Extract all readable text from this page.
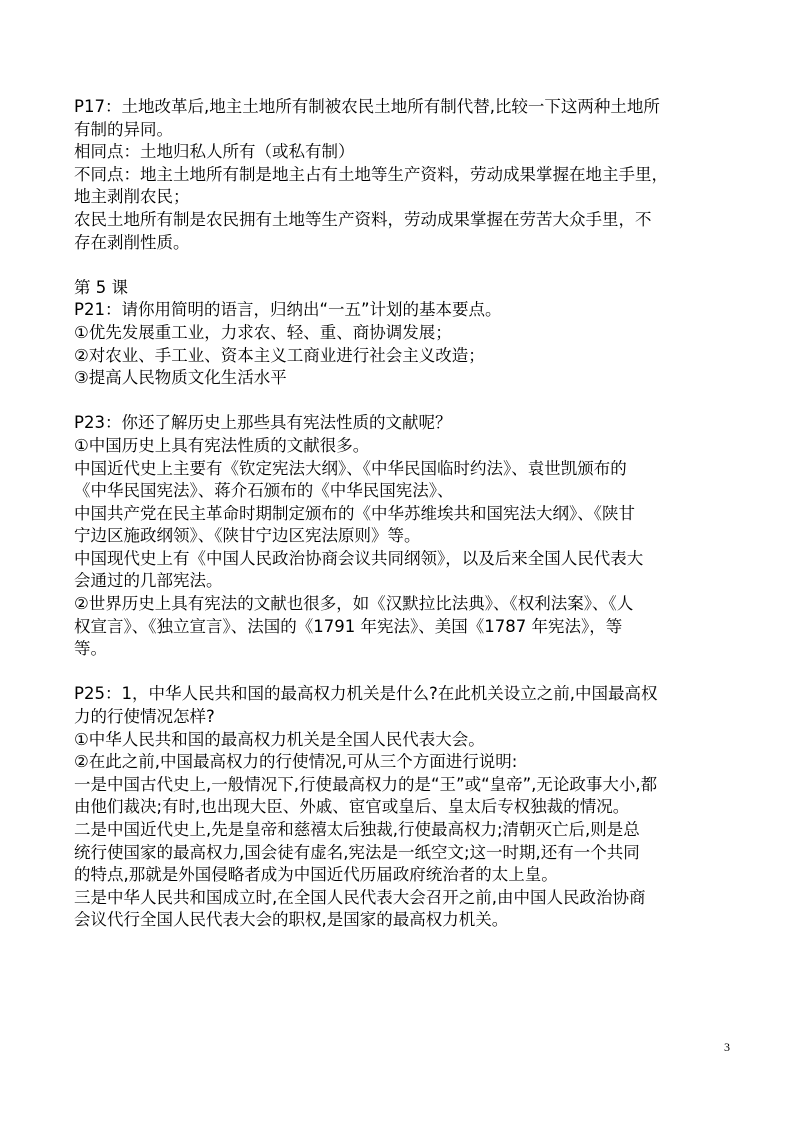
P17：土地改革后,地主土地所有制被农民土地所有制代替,比较一下这两种土地所
有制的异同。
相同点：土地归私人所有（或私有制）
不同点：地主土地所有制是地主占有土地等生产资料，劳动成果掌握在地主手里，
地主剥削农民；
农民土地所有制是农民拥有土地等生产资料，劳动成果掌握在劳苦大众手里，不
存在剥削性质。
第 5 课
P21：请你用简明的语言，归纳出“一五”计划的基本要点。
①优先发展重工业，力求农、轻、重、商协调发展；
②对农业、手工业、资本主义工商业进行社会主义改造；
③提高人民物质文化生活水平
P23：你还了解历史上那些具有宪法性质的文献呢？
①中国历史上具有宪法性质的文献很多。
中国近代史上主要有《钦定宪法大纲》、《中华民国临时约法》、袁世凯颁布的
《中华民国宪法》、蒋介石颁布的《中华民国宪法》、
中国共产党在民主革命时期制定颁布的《中华苏维埃共和国宪法大纲》、《陕甘
宁边区施政纲领》、《陕甘宁边区宪法原则》等。
中国现代史上有《中国人民政治协商会议共同纲领》，以及后来全国人民代表大
会通过的几部宪法。
②世界历史上具有宪法的文献也很多，如《汉默拉比法典》、《权利法案》、《人
权宣言》、《独立宣言》、法国的《1791 年宪法》、美国《1787 年宪法》，等
等。
P25：1，中华人民共和国的最高权力机关是什么?在此机关设立之前,中国最高权
力的行使情况怎样?
①中华人民共和国的最高权力机关是全国人民代表大会。
②在此之前,中国最高权力的行使情况,可从三个方面进行说明:
一是中国古代史上,一般情况下,行使最高权力的是“王”或“皇帝”,无论政事大小,都
由他们裁决;有时,也出现大臣、外戚、宦官或皇后、皇太后专权独裁的情况。
二是中国近代史上,先是皇帝和慈禧太后独裁,行使最高权力;清朝灭亡后,则是总
统行使国家的最高权力,国会徒有虚名,宪法是一纸空文;这一时期,还有一个共同
的特点,那就是外国侵略者成为中国近代历届政府统治者的太上皇。
三是中华人民共和国成立时,在全国人民代表大会召开之前,由中国人民政治协商
会议代行全国人民代表大会的职权,是国家的最高权力机关。
3
